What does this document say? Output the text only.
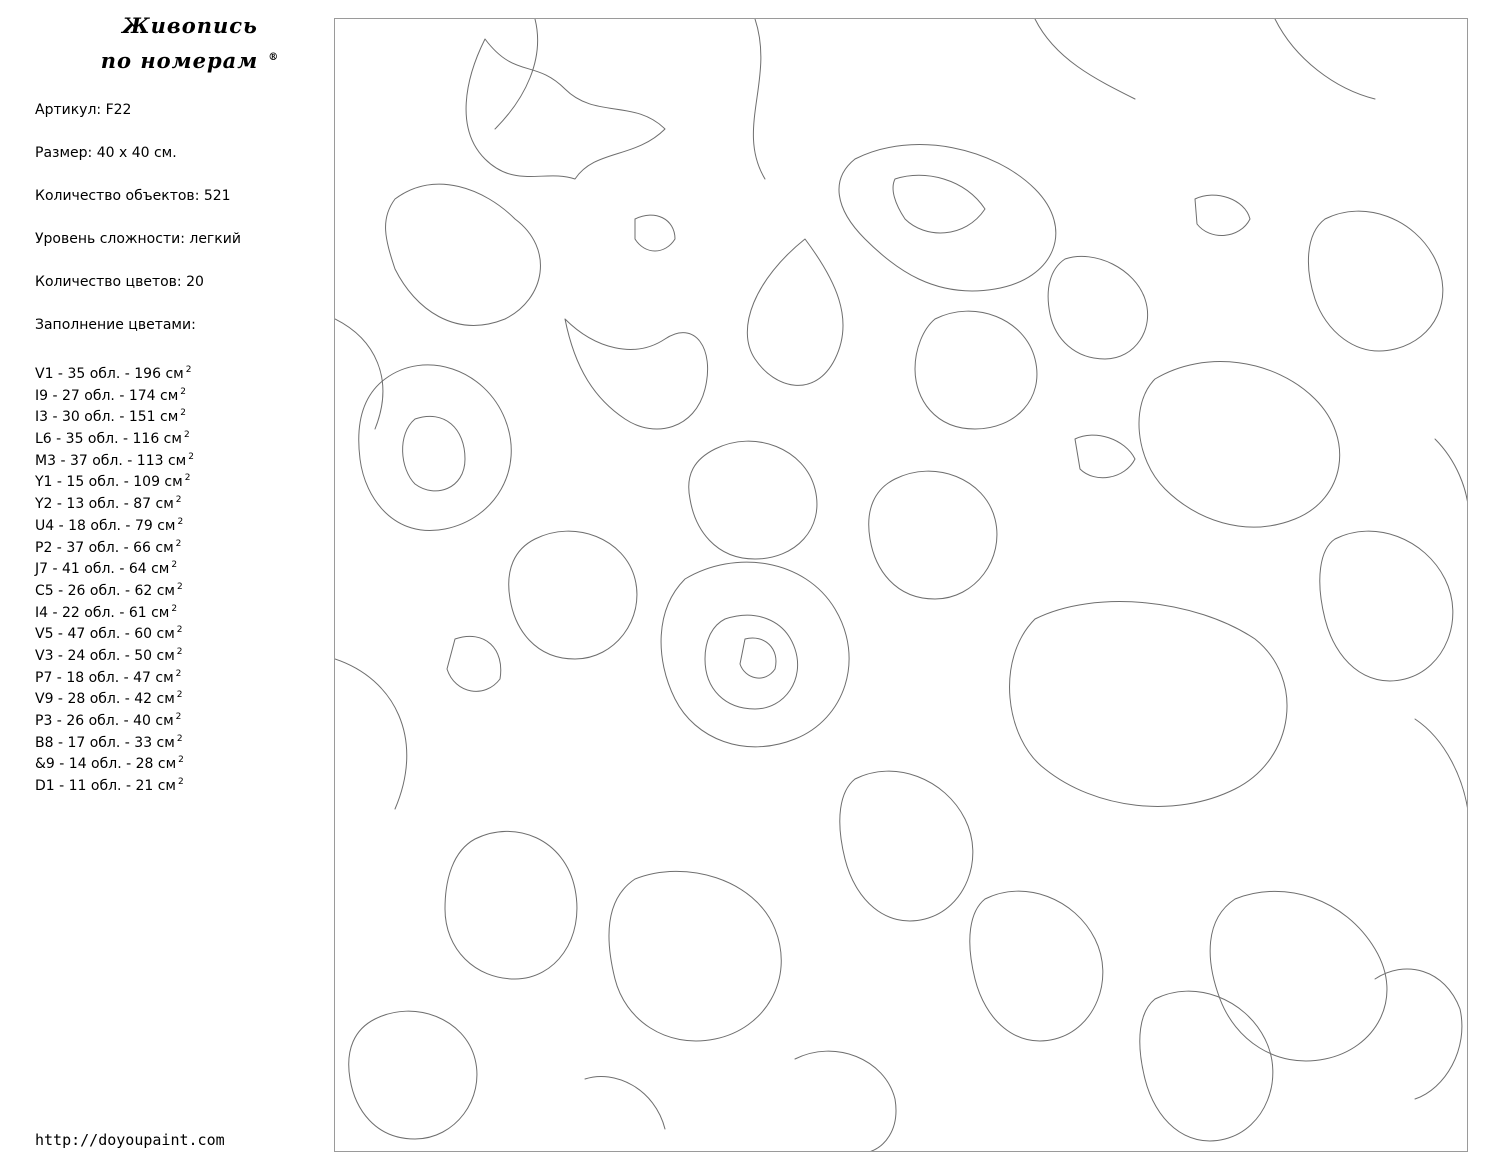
Живопись
по номерам ®
Артикул: F22
Размер: 40 x 40 см.
Количество объектов: 521
Уровень сложности: легкий
Количество цветов: 20
Заполнение цветами:
V1 - 35 обл. - 196 см $^2$
I9 - 27 обл. - 174 см $^2$
I3 - 30 обл. - 151 см $^2$
L6 - 35 обл. - 116 см $^2$
M3 - 37 обл. - 113 см $^2$
Y1 - 15 обл. - 109 см $^2$
Y2 - 13 обл. - 87 см $^2$
U4 - 18 обл. - 79 см $^2$
P2 - 37 обл. - 66 см $^2$
J7 - 41 обл. - 64 см $^2$
C5 - 26 обл. - 62 см $^2$
I4 - 22 обл. - 61 см $^2$
V5 - 47 обл. - 60 см $^2$
V3 - 24 обл. - 50 см $^2$
P7 - 18 обл. - 47 см $^2$
V9 - 28 обл. - 42 см $^2$
P3 - 26 обл. - 40 см $^2$
B8 - 17 обл. - 33 см $^2$
&9 - 14 обл. - 28 см $^2$
D1 - 11 обл. - 21 см $^2$
http://doyoupaint.com
